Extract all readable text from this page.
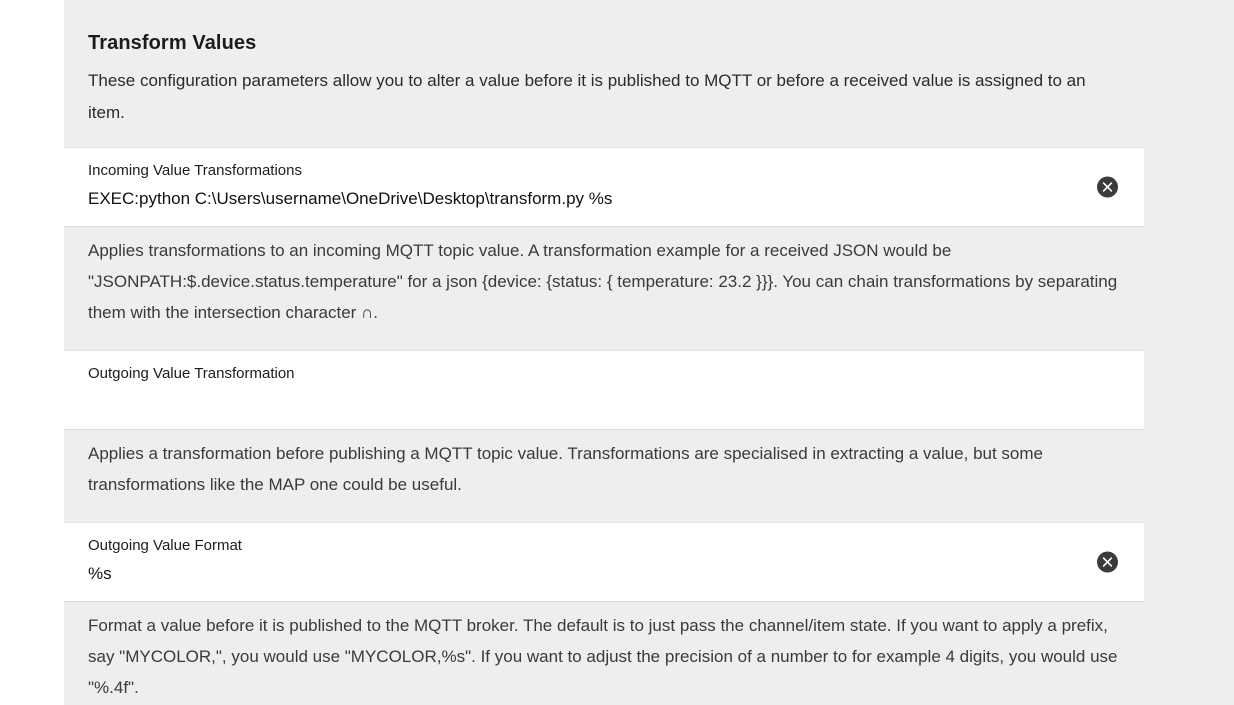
Transform Values

These configuration parameters allow you to alter a value before it is published to MQTT or before a received value is assigned to an item.

Incoming Value Transformations
EXEC:python C:\Users\username\OneDrive\Desktop\transform.py %s

Applies transformations to an incoming MQTT topic value. A transformation example for a received JSON would be "JSONPATH:$.device.status.temperature" for a json {device: {status: { temperature: 23.2 }}}. You can chain transformations by separating them with the intersection character ∩.

Outgoing Value Transformation

Applies a transformation before publishing a MQTT topic value. Transformations are specialised in extracting a value, but some transformations like the MAP one could be useful.

Outgoing Value Format
%s

Format a value before it is published to the MQTT broker. The default is to just pass the channel/item state. If you want to apply a prefix, say "MYCOLOR,", you would use "MYCOLOR,%s". If you want to adjust the precision of a number to for example 4 digits, you would use "%.4f".
